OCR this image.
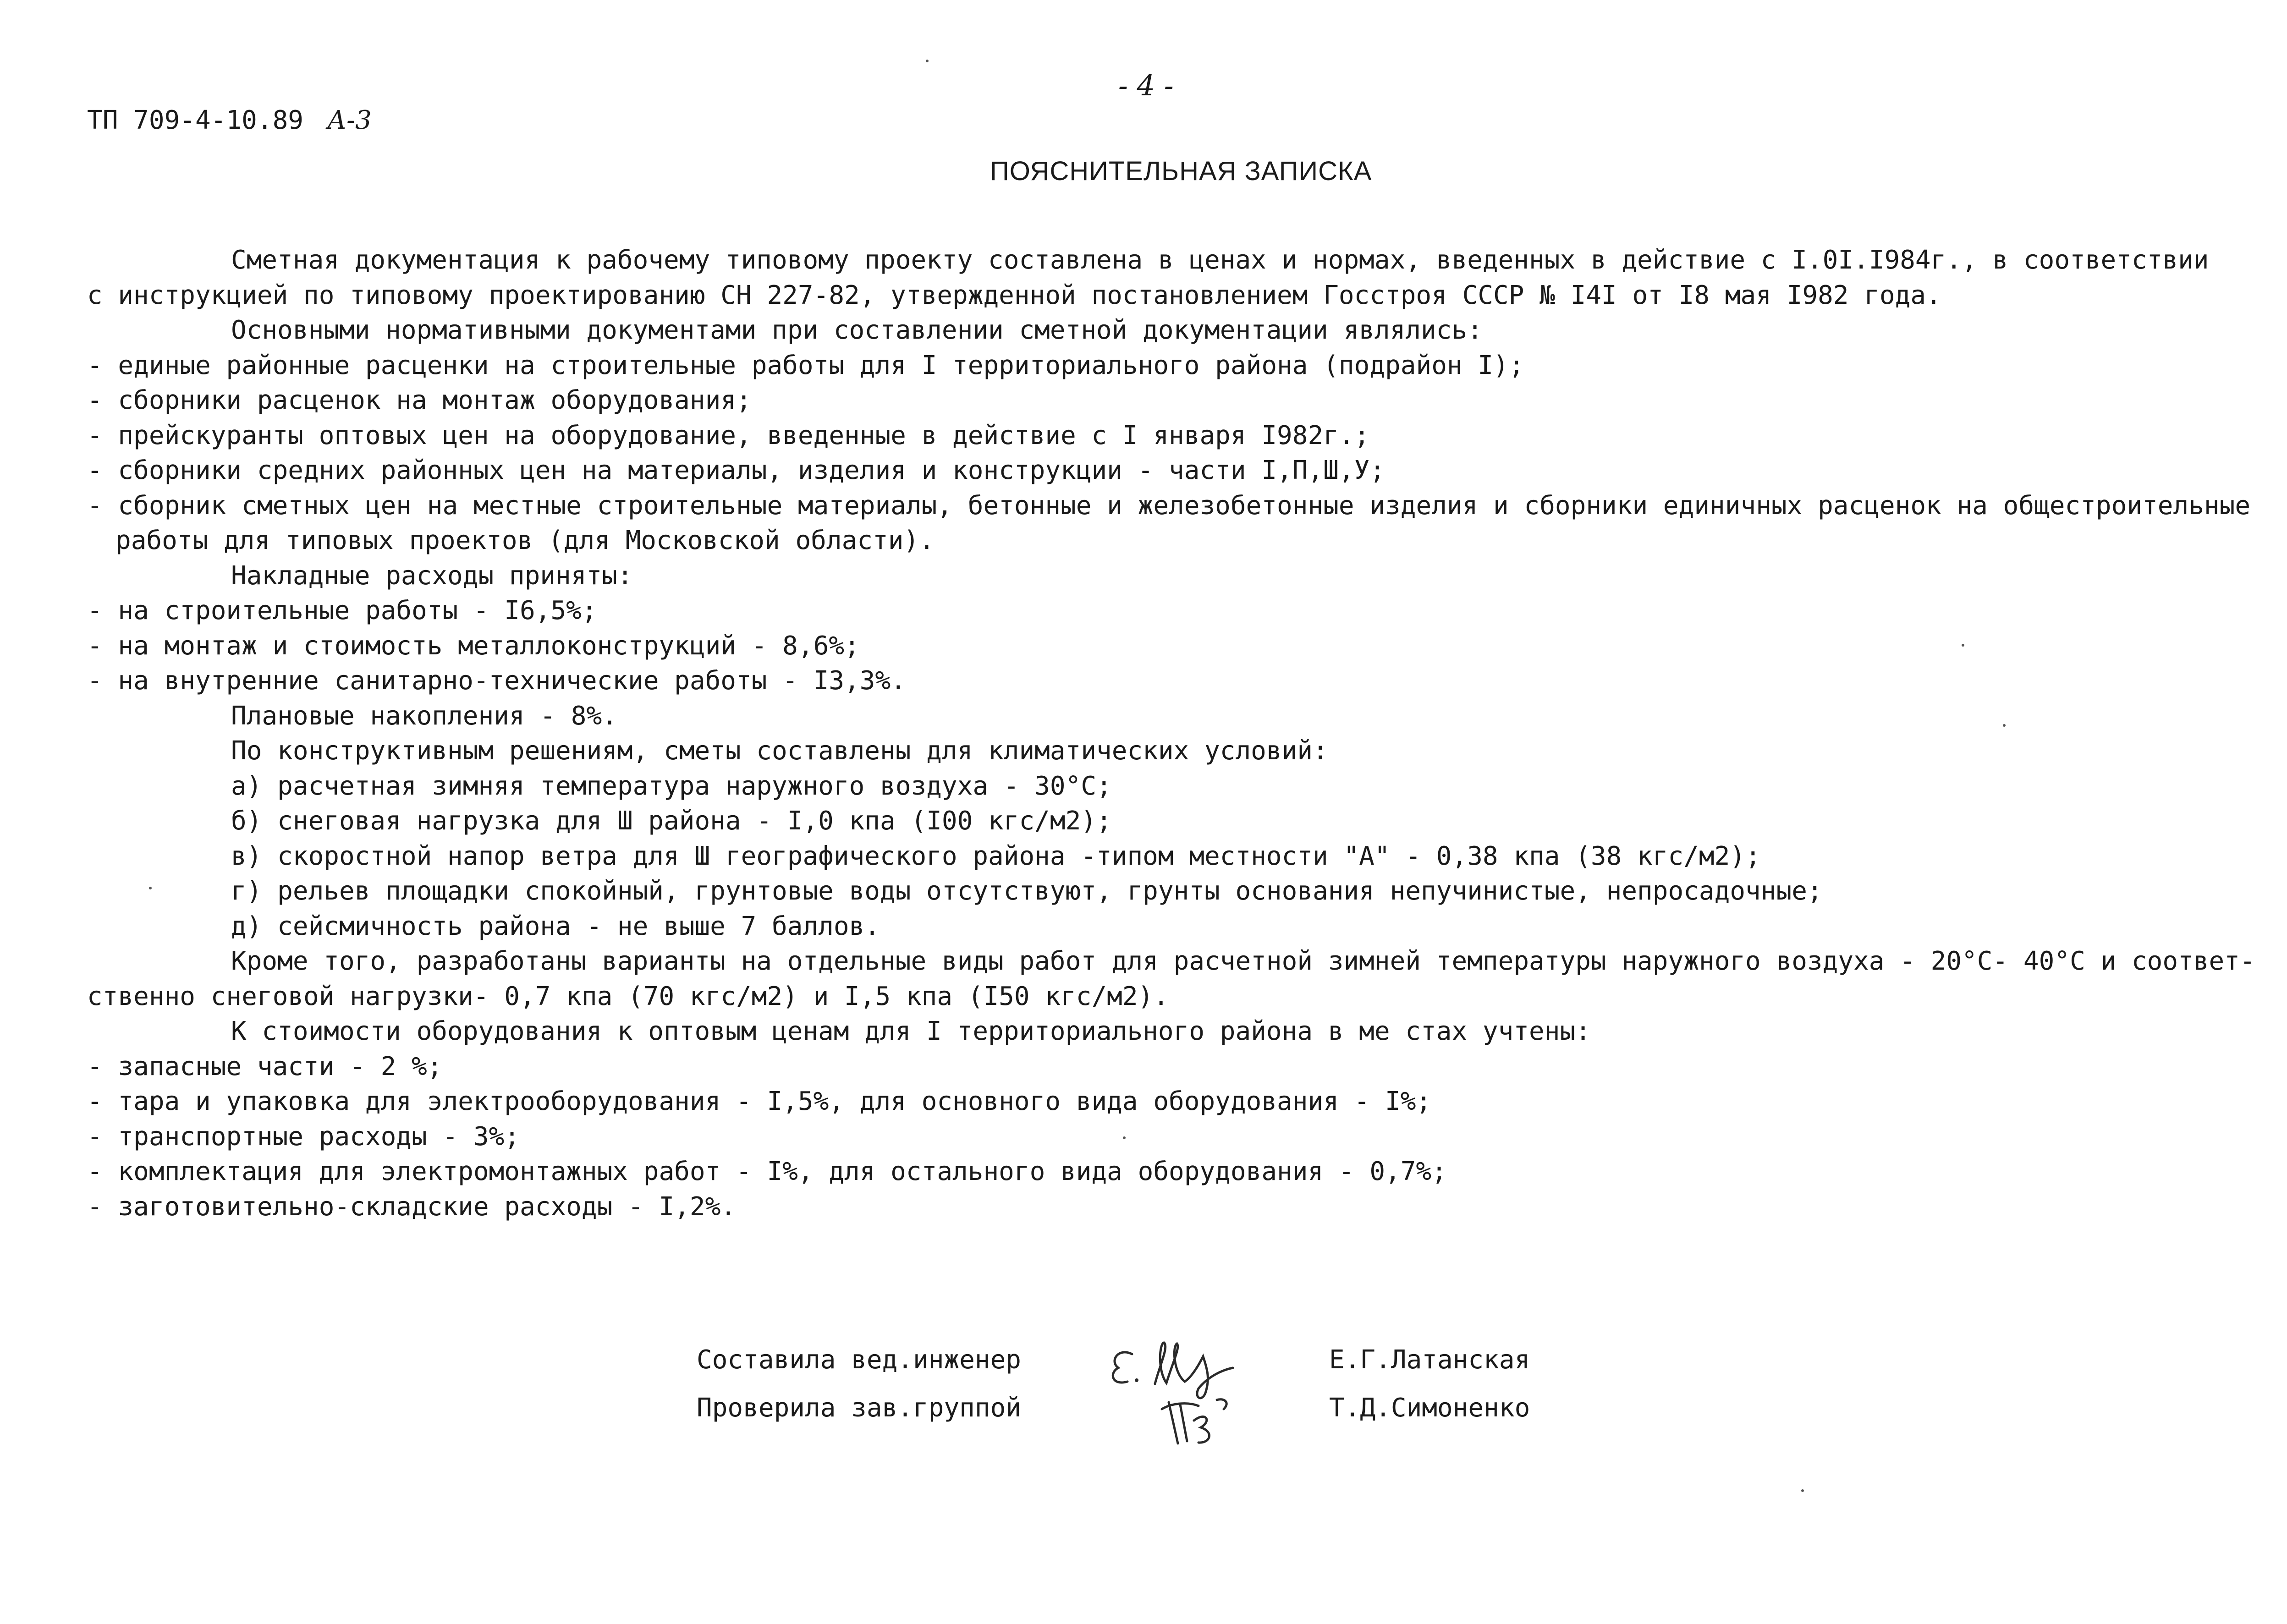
ТП 709-4-10.89 А-3
- 4 -
ПОЯСНИТЕЛЬНАЯ ЗАПИСКА
Сметная документация к рабочему типовому проекту составлена в ценах и нормах, введенных в действие с I.0I.I984г., в соответствии
с инструкцией по типовому проектированию СН 227-82, утвержденной постановлением Госстроя СССР № I4I от I8 мая I982 года.
Основными нормативными документами при составлении сметной документации являлись:
- единые районные расценки на строительные работы для I территориального района (подрайон I);
- сборники расценок на монтаж оборудования;
- прейскуранты оптовых цен на оборудование, введенные в действие с I января I982г.;
- сборники средних районных цен на материалы, изделия и конструкции - части I,П,Ш,У;
- сборник сметных цен на местные строительные материалы, бетонные и железобетонные изделия и сборники единичных расценок на общестроительные
работы для типовых проектов (для Московской области).
Накладные расходы приняты:
- на строительные работы - I6,5%;
- на монтаж и стоимость металлоконструкций - 8,6%;
- на внутренние санитарно-технические работы - I3,3%.
Плановые накопления - 8%.
По конструктивным решениям, сметы составлены для климатических условий:
а) расчетная зимняя температура наружного воздуха - 30°С;
б) снеговая нагрузка для Ш района - I,0 кпа (I00 кгс/м2);
в) скоростной напор ветра для Ш географического района -типом местности "А" - 0,38 кпа (38 кгс/м2);
г) рельев площадки спокойный, грунтовые воды отсутствуют, грунты основания непучинистые, непросадочные;
д) сейсмичность района - не выше 7 баллов.
Кроме того, разработаны варианты на отдельные виды работ для расчетной зимней температуры наружного воздуха - 20°С- 40°С и соответ-
ственно снеговой нагрузки- 0,7 кпа (70 кгс/м2) и I,5 кпа (I50 кгс/м2).
К стоимости оборудования к оптовым ценам для I территориального района в ме стах учтены:
- запасные части - 2 %;
- тара и упаковка для электрооборудования - I,5%, для основного вида оборудования - I%;
- транспортные расходы - 3%;
- комплектация для электромонтажных работ - I%, для остального вида оборудования - 0,7%;
- заготовительно-складские расходы - I,2%.
Составила вед.инженер
Проверила зав.группой
Е.Г.Латанская
Т.Д.Симоненко
